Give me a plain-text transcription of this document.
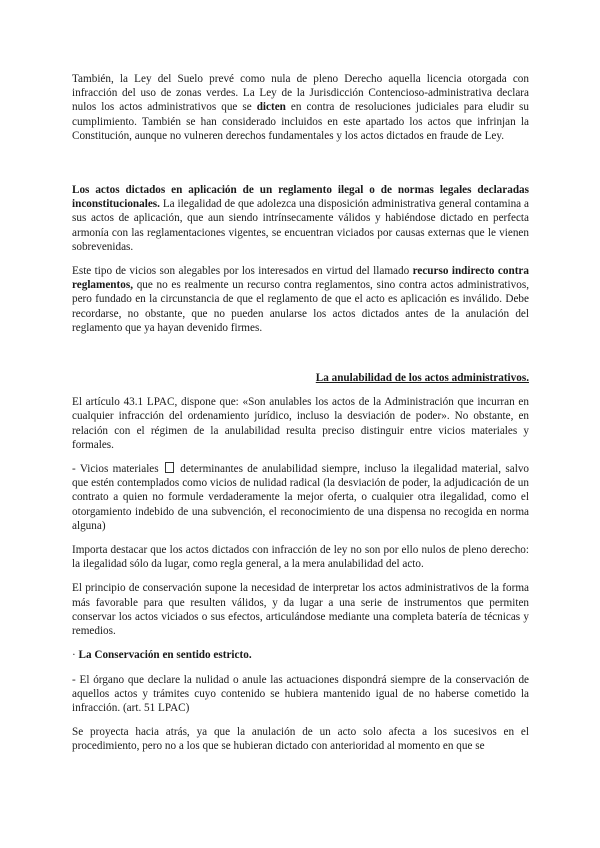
También, la Ley del Suelo prevé como nula de pleno Derecho aquella licencia otorgada con infracción del uso de zonas verdes. La Ley de la Jurisdicción Contencioso-administrativa declara nulos los actos administrativos que se dicten en contra de resoluciones judiciales para eludir su cumplimiento. También se han considerado incluidos en este apartado los actos que infrinjan la Constitución, aunque no vulneren derechos fundamentales y los actos dictados en fraude de Ley.

Los actos dictados en aplicación de un reglamento ilegal o de normas legales declaradas inconstitucionales. La ilegalidad de que adolezca una disposición administrativa general contamina a sus actos de aplicación, que aun siendo intrínsecamente válidos y habiéndose dictado en perfecta armonía con las reglamentaciones vigentes, se encuentran viciados por causas externas que le vienen sobrevenidas.

Este tipo de vicios son alegables por los interesados en virtud del llamado recurso indirecto contra reglamentos, que no es realmente un recurso contra reglamentos, sino contra actos administrativos, pero fundado en la circunstancia de que el reglamento de que el acto es aplicación es inválido. Debe recordarse, no obstante, que no pueden anularse los actos dictados antes de la anulación del reglamento que ya hayan devenido firmes.

La anulabilidad de los actos administrativos.

El artículo 43.1 LPAC, dispone que: «Son anulables los actos de la Administración que incurran en cualquier infracción del ordenamiento jurídico, incluso la desviación de poder». No obstante, en relación con el régimen de la anulabilidad resulta preciso distinguir entre vicios materiales y formales.

- Vicios materiales  determinantes de anulabilidad siempre, incluso la ilegalidad material, salvo que estén contemplados como vicios de nulidad radical (la desviación de poder, la adjudicación de un contrato a quien no formule verdaderamente la mejor oferta, o cualquier otra ilegalidad, como el otorgamiento indebido de una subvención, el reconocimiento de una dispensa no recogida en norma alguna)

Importa destacar que los actos dictados con infracción de ley no son por ello nulos de pleno derecho: la ilegalidad sólo da lugar, como regla general, a la mera anulabilidad del acto.

El principio de conservación supone la necesidad de interpretar los actos administrativos de la forma más favorable para que resulten válidos, y da lugar a una serie de instrumentos que permiten conservar los actos viciados o sus efectos, articulándose mediante una completa batería de técnicas y remedios.

· La Conservación en sentido estricto.

- El órgano que declare la nulidad o anule las actuaciones dispondrá siempre de la conservación de aquellos actos y trámites cuyo contenido se hubiera mantenido igual de no haberse cometido la infracción. (art. 51 LPAC)

Se proyecta hacia atrás, ya que la anulación de un acto solo afecta a los sucesivos en el procedimiento, pero no a los que se hubieran dictado con anterioridad al momento en que se
